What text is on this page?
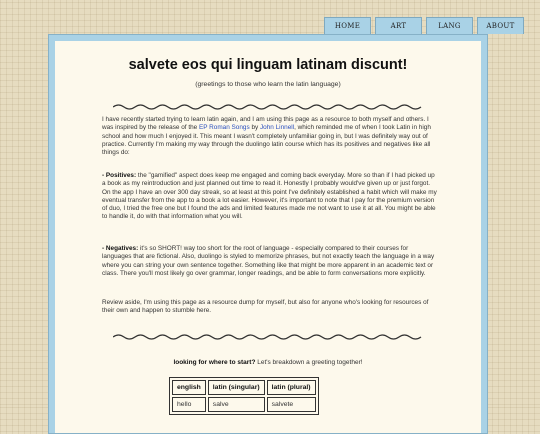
HOME	ART	LANG	ABOUT
salvete eos qui linguam latinam discunt!
(greetings to those who learn the latin language)

I have recently started trying to learn latin again, and I am using this page as a resource to both myself and others. I was inspired by the release of the EP Roman Songs by John Linnell, which reminded me of when I took Latin in high school and how much I enjoyed it. This meant I wasn't completely unfamiliar going in, but I was definitely way out of practice. Currently I'm making my way through the duolingo latin course which has its positives and negatives like all things do:

- Positives: the "gamified" aspect does keep me engaged and coming back everyday. More so than if I had picked up a book as my reintroduction and just planned out time to read it. Honestly I probably would've given up or just forgot. On the app I have an over 300 day streak, so at least at this point I've definitely established a habit which will make my eventual transfer from the app to a book a lot easier. However, it's important to note that I pay for the premium version of duo, I tried the free one but I found the ads and limited features made me not want to use it at all. You might be able to handle it, do with that information what you will.

- Negatives: it's so SHORT! way too short for the root of language - especially compared to their courses for languages that are fictional. Also, duolingo is styled to memorize phrases, but not exactly teach the language in a way where you can string your own sentence together. Something like that might be more apparent in an academic text or class. There you'll most likely go over grammar, longer readings, and be able to form conversations more explicitly.

Review aside, I'm using this page as a resource dump for myself, but also for anyone who's looking for resources of their own and happen to stumble here.

looking for where to start? Let's breakdown a greeting together!
english	latin (singular)	latin (plural)
hello	salve	salvete
